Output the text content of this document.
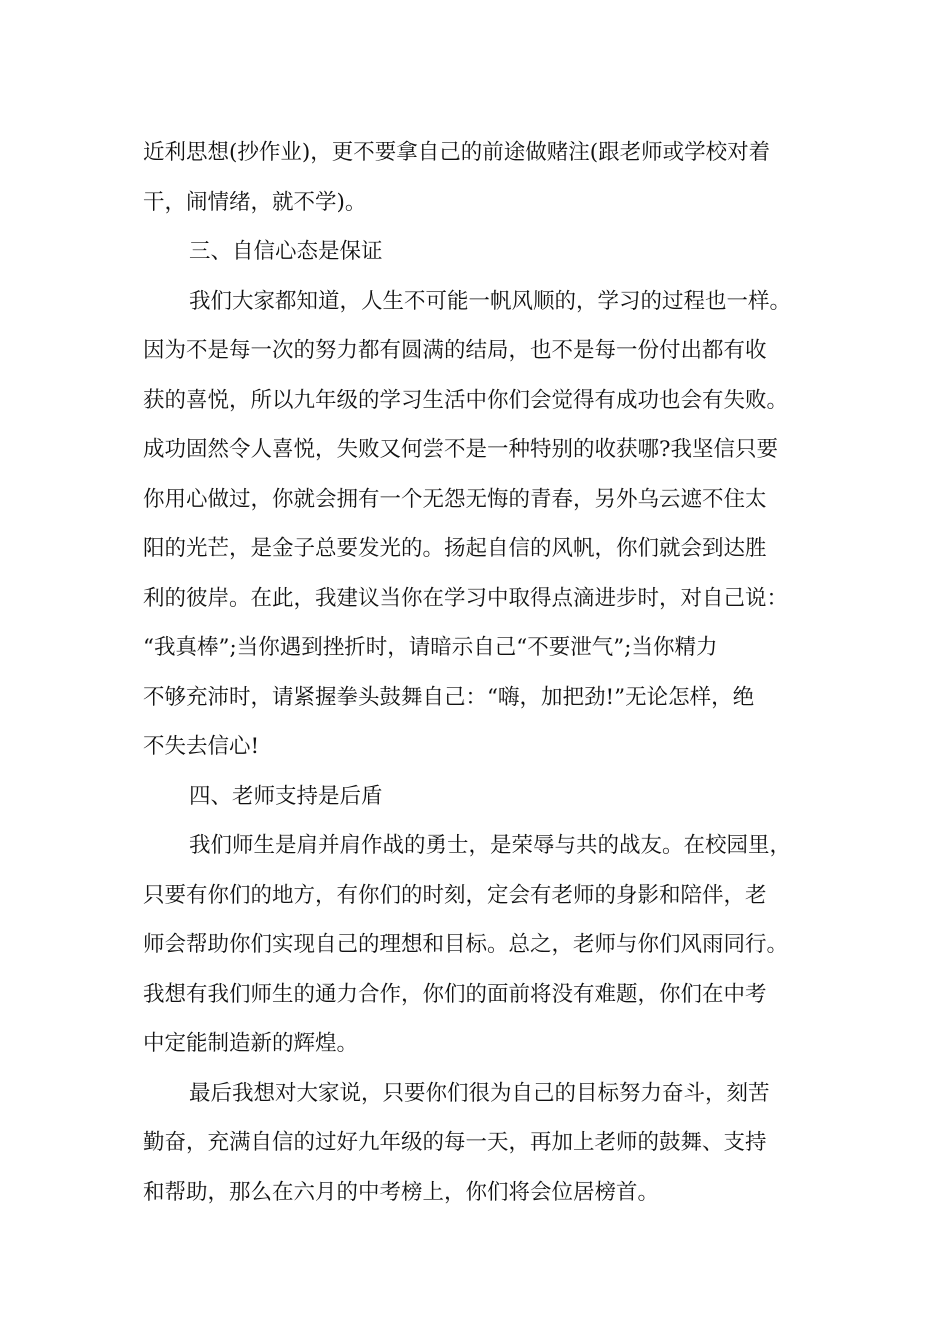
近利思想(抄作业)，更不要拿自己的前途做赌注(跟老师或学校对着
干，闹情绪，就不学)。
三、自信心态是保证
我们大家都知道，人生不可能一帆风顺的，学习的过程也一样。
因为不是每一次的努力都有圆满的结局，也不是每一份付出都有收
获的喜悦，所以九年级的学习生活中你们会觉得有成功也会有失败。
成功固然令人喜悦，失败又何尝不是一种特别的收获哪?我坚信只要
你用心做过，你就会拥有一个无怨无悔的青春，另外乌云遮不住太
阳的光芒，是金子总要发光的。扬起自信的风帆，你们就会到达胜
利的彼岸。在此，我建议当你在学习中取得点滴进步时，对自己说：
“我真棒”;当你遇到挫折时，请暗示自己“不要泄气”;当你精力
不够充沛时，请紧握拳头鼓舞自己：“嗨，加把劲!”无论怎样，绝
不失去信心!
四、老师支持是后盾
我们师生是肩并肩作战的勇士，是荣辱与共的战友。在校园里，
只要有你们的地方，有你们的时刻，定会有老师的身影和陪伴，老
师会帮助你们实现自己的理想和目标。总之，老师与你们风雨同行。
我想有我们师生的通力合作，你们的面前将没有难题，你们在中考
中定能制造新的辉煌。
最后我想对大家说，只要你们很为自己的目标努力奋斗，刻苦
勤奋，充满自信的过好九年级的每一天，再加上老师的鼓舞、支持
和帮助，那么在六月的中考榜上，你们将会位居榜首。
